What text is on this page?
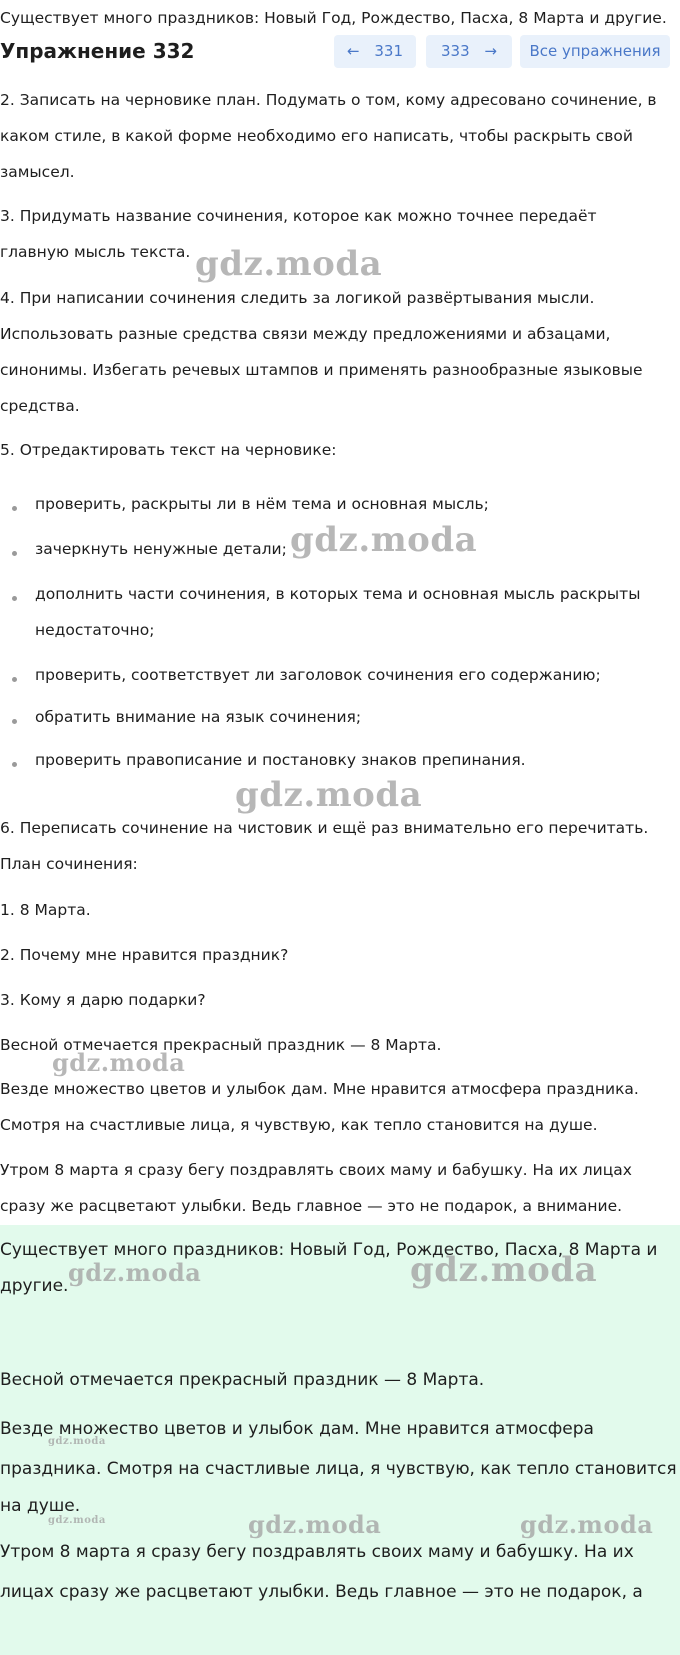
Существует много праздников: Новый Год, Рождество, Пасха, 8 Марта и другие.
Упражнение 332	← 331	333 →	Все упражнения
2. Записать на черновике план. Подумать о том, кому адресовано сочинение, в
каком стиле, в какой форме необходимо его написать, чтобы раскрыть свой
замысел.
3. Придумать название сочинения, которое как можно точнее передаёт
главную мысль текста.
4. При написании сочинения следить за логикой развёртывания мысли.
Использовать разные средства связи между предложениями и абзацами,
синонимы. Избегать речевых штампов и применять разнообразные языковые
средства.
5. Отредактировать текст на черновике:
проверить, раскрыты ли в нём тема и основная мысль;
зачеркнуть ненужные детали;
дополнить части сочинения, в которых тема и основная мысль раскрыты
недостаточно;
проверить, соответствует ли заголовок сочинения его содержанию;
обратить внимание на язык сочинения;
проверить правописание и постановку знаков препинания.
6. Переписать сочинение на чистовик и ещё раз внимательно его перечитать.
План сочинения:
1. 8 Марта.
2. Почему мне нравится праздник?
3. Кому я дарю подарки?
Весной отмечается прекрасный праздник — 8 Марта.
Везде множество цветов и улыбок дам. Мне нравится атмосфера праздника.
Смотря на счастливые лица, я чувствую, как тепло становится на душе.
Утром 8 марта я сразу бегу поздравлять своих маму и бабушку. На их лицах
сразу же расцветают улыбки. Ведь главное — это не подарок, а внимание.
Существует много праздников: Новый Год, Рождество, Пасха, 8 Марта и
другие.
Весной отмечается прекрасный праздник — 8 Марта.
Везде множество цветов и улыбок дам. Мне нравится атмосфера
праздника. Смотря на счастливые лица, я чувствую, как тепло становится
на душе.
Утром 8 марта я сразу бегу поздравлять своих маму и бабушку. На их
лицах сразу же расцветают улыбки. Ведь главное — это не подарок, а
gdz.moda
gdz.moda
gdz.moda
gdz.moda
gdz.moda	gdz.moda
gdz.moda
gdz.moda	gdz.moda	gdz.moda
